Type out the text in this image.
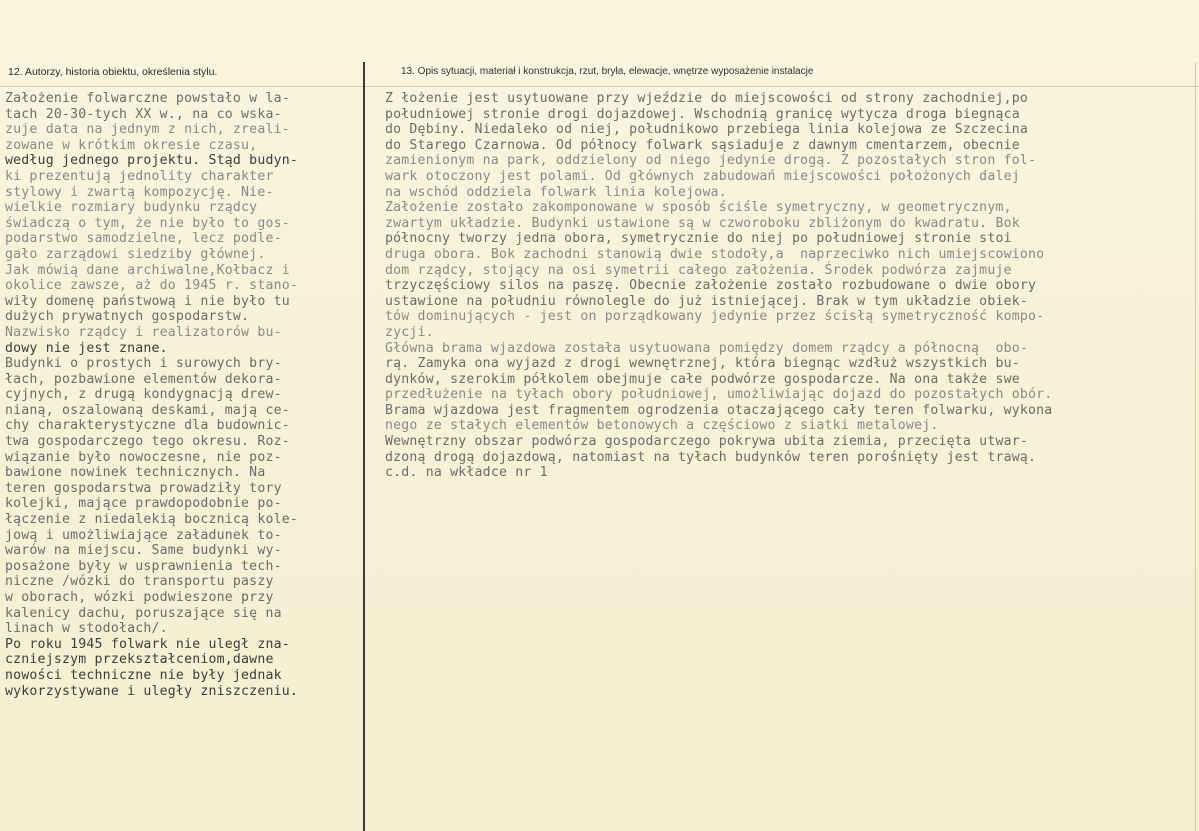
12. Autorzy, historia obiektu, określenia stylu.	13. Opis sytuacji, materiał i konstrukcja, rzut, bryła, elewacje, wnętrze wyposażenie instalacje
Założenie folwarczne powstało w la-
tach 20-30-tych XX w., na co wska-
zuje data na jednym z nich, zreali-
zowane w krótkim okresie czasu,
według jednego projektu. Stąd budyn-
ki prezentują jednolity charakter
stylowy i zwartą kompozycję. Nie-
wielkie rozmiary budynku rządcy
świadczą o tym, że nie było to gos-
podarstwo samodzielne, lecz podle-
gało zarządowi siedziby głównej.
Jak mówią dane archiwalne,Kołbacz i
okolice zawsze, aż do 1945 r. stano-
wiły domenę państwową i nie było tu
dużych prywatnych gospodarstw.
Nazwisko rządcy i realizatorów bu-
dowy nie jest znane.
Budynki o prostych i surowych bry-
łach, pozbawione elementów dekora-
cyjnych, z drugą kondygnacją drew-
nianą, oszalowaną deskami, mają ce-
chy charakterystyczne dla budownic-
twa gospodarczego tego okresu. Roz-
wiązanie było nowoczesne, nie poz-
bawione nowinek technicznych. Na
teren gospodarstwa prowadziły tory
kolejki, mające prawdopodobnie po-
łączenie z niedalekią bocznicą kole-
jową i umożliwiające załadunek to-
warów na miejscu. Same budynki wy-
posażone były w usprawnienia tech-
niczne /wózki do transportu paszy
w oborach, wózki podwieszone przy
kalenicy dachu, poruszające się na
linach w stodołach/.
Po roku 1945 folwark nie uległ zna-
czniejszym przekształceniom,dawne
nowości techniczne nie były jednak
wykorzystywane i uległy zniszczeniu.
Z łożenie jest usytuowane przy wjeździe do miejscowości od strony zachodniej,po
południowej stronie drogi dojazdowej. Wschodnią granicę wytycza droga biegnąca
do Dębiny. Niedaleko od niej, południkowo przebiega linia kolejowa ze Szczecina
do Starego Czarnowa. Od północy folwark sąsiaduje z dawnym cmentarzem, obecnie
zamienionym na park, oddzielony od niego jedynie drogą. Z pozostałych stron fol-
wark otoczony jest polami. Od głównych zabudowań miejscowości położonych dalej
na wschód oddziela folwark linia kolejowa.
Założenie zostało zakomponowane w sposób ściśle symetryczny, w geometrycznym,
zwartym układzie. Budynki ustawione są w czworoboku zbliżonym do kwadratu. Bok
północny tworzy jedna obora, symetrycznie do niej po południowej stronie stoi
druga obora. Bok zachodni stanowią dwie stodoły,a  naprzeciwko nich umiejscowiono
dom rządcy, stojący na osi symetrii całego założenia. Środek podwórza zajmuje
trzyczęściowy silos na paszę. Obecnie założenie zostało rozbudowane o dwie obory
ustawione na południu równolegle do już istniejącej. Brak w tym układzie obiek-
tów dominujących - jest on porządkowany jedynie przez ścisłą symetryczność kompo-
zycji.
Główna brama wjazdowa została usytuowana pomiędzy domem rządcy a północną  obo-
rą. Zamyka ona wyjazd z drogi wewnętrznej, która biegnąc wzdłuż wszystkich bu-
dynków, szerokim półkolem obejmuje całe podwórze gospodarcze. Na ona także swe
przedłużenie na tyłach obory południowej, umożliwiając dojazd do pozostałych obór.
Brama wjazdowa jest fragmentem ogrodzenia otaczającego cały teren folwarku, wykona
nego ze stałych elementów betonowych a częściowo z siatki metalowej.
Wewnętrzny obszar podwórza gospodarczego pokrywa ubita ziemia, przecięta utwar-
dzoną drogą dojazdową, natomiast na tyłach budynków teren porośnięty jest trawą.
c.d. na wkładce nr 1
